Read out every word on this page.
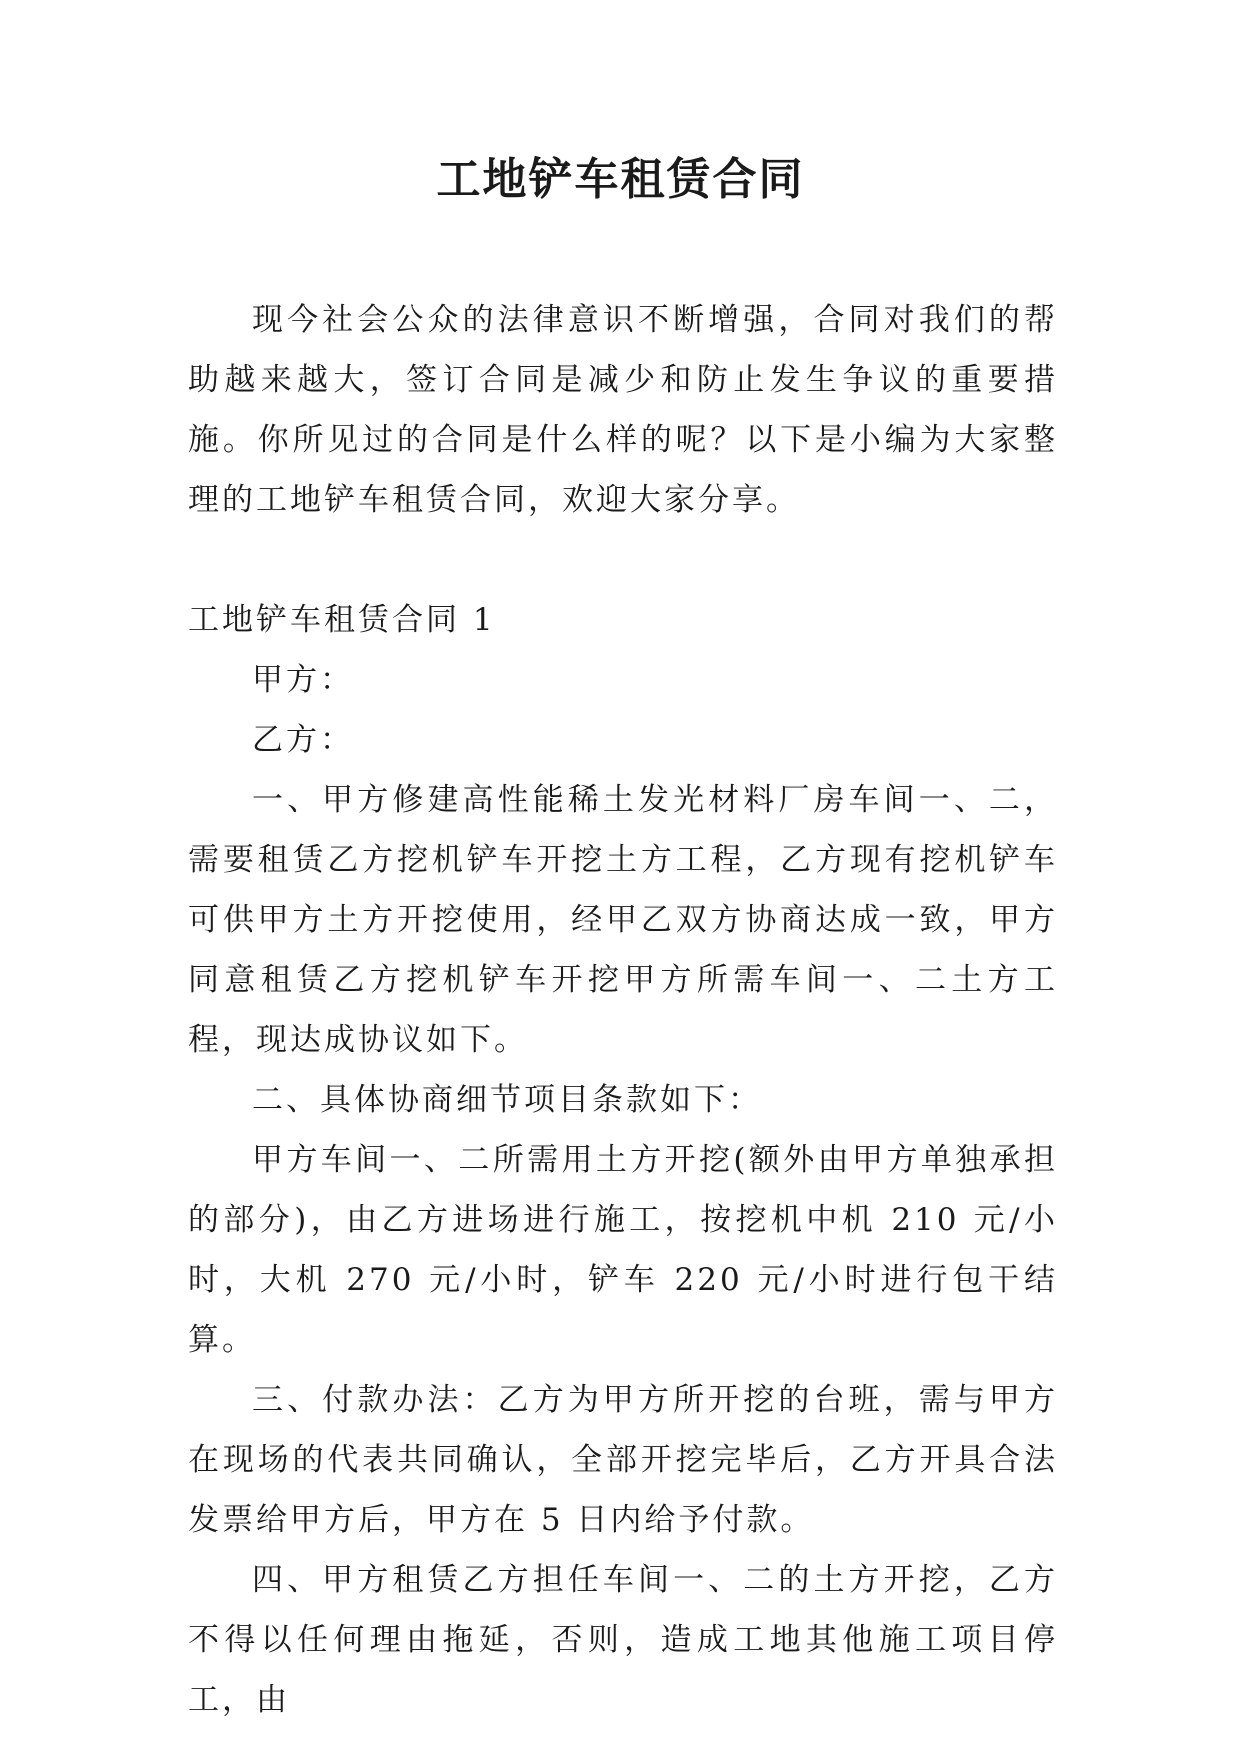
工地铲车租赁合同

现今社会公众的法律意识不断增强，合同对我们的帮助越来越大，签订合同是减少和防止发生争议的重要措施。你所见过的合同是什么样的呢？以下是小编为大家整理的工地铲车租赁合同，欢迎大家分享。

工地铲车租赁合同 1

甲方：

乙方：

一、甲方修建高性能稀土发光材料厂房车间一、二，需要租赁乙方挖机铲车开挖土方工程，乙方现有挖机铲车可供甲方土方开挖使用，经甲乙双方协商达成一致，甲方同意租赁乙方挖机铲车开挖甲方所需车间一、二土方工程，现达成协议如下。

二、具体协商细节项目条款如下：

甲方车间一、二所需用土方开挖(额外由甲方单独承担的部分)，由乙方进场进行施工，按挖机中机 210 元/小时，大机 270 元/小时，铲车 220 元/小时进行包干结算。

三、付款办法：乙方为甲方所开挖的台班，需与甲方在现场的代表共同确认，全部开挖完毕后，乙方开具合法发票给甲方后，甲方在 5 日内给予付款。

四、甲方租赁乙方担任车间一、二的土方开挖，乙方不得以任何理由拖延，否则，造成工地其他施工项目停工，由
